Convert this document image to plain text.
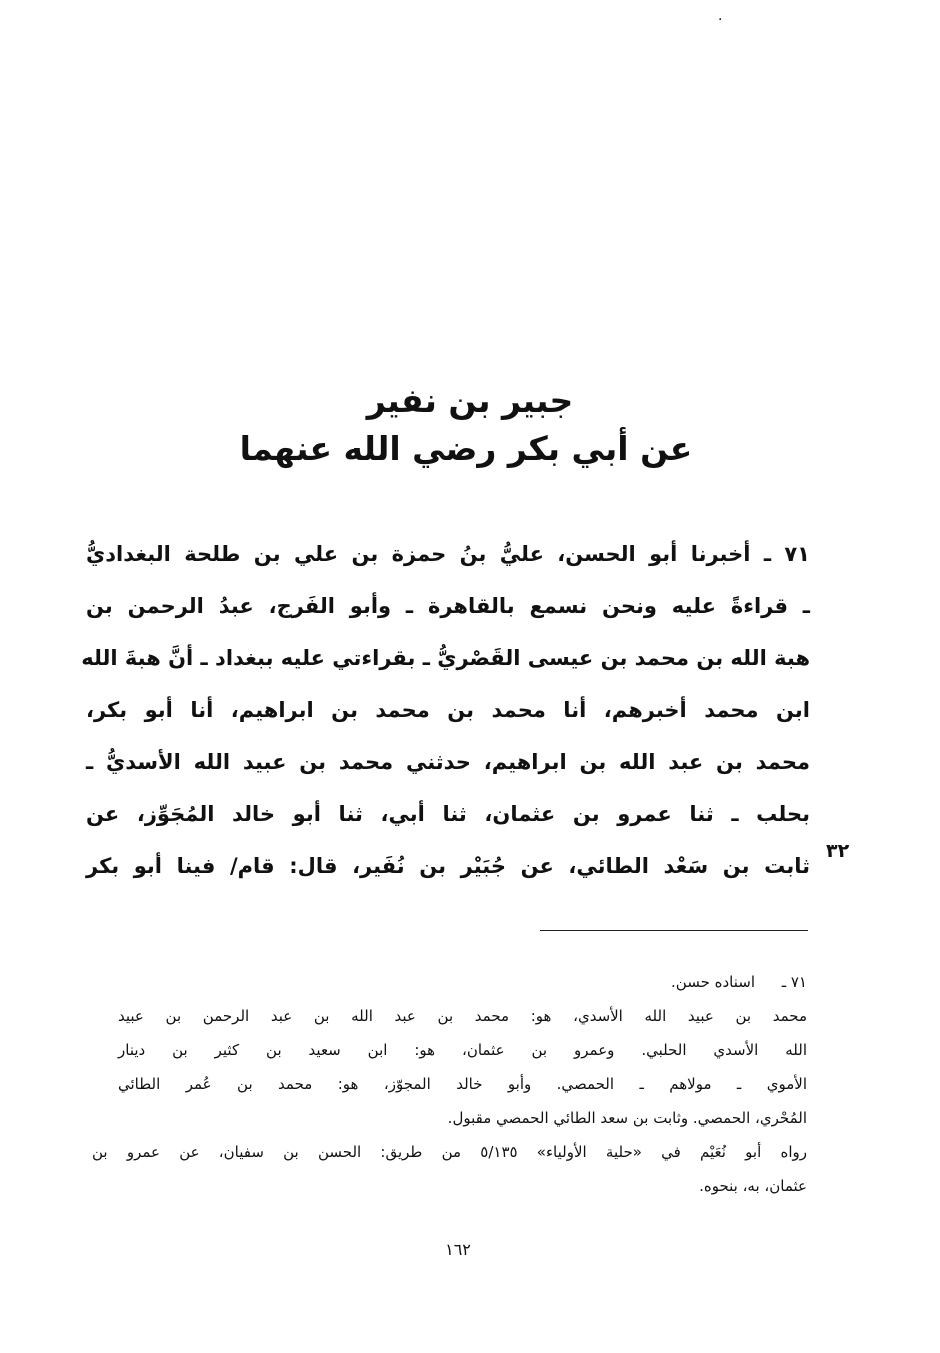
·
جبير بن نفير
عن أبي بكر رضي الله عنهما
٧١ ـ أخبرنا أبو الحسن، عليُّ بنُ حمزة بن علي بن طلحة البغداديُّ
ـ قراءةً عليه ونحن نسمع بالقاهرة ـ وأبو الفَرج، عبدُ الرحمن بن
هبة الله بن محمد بن عيسى القَصْريُّ ـ بقراءتي عليه ببغداد ـ أنَّ هبةَ الله
ابن محمد أخبرهم، أنا محمد بن محمد بن ابراهيم، أنا أبو بكر،
محمد بن عبد الله بن ابراهيم، حدثني محمد بن عبيد الله الأسديُّ ـ
بحلب ـ ثنا عمرو بن عثمان، ثنا أبي، ثنا أبو خالد المُجَوِّز، عن
ثابت بن سَعْد الطائي، عن جُبَيْر بن نُفَير، قال: قام/ فينا أبو بكر
٣٢
٧١ ـاسناده حسن.
محمد بن عبيد الله الأسدي، هو: محمد بن عبد الله بن عبد الرحمن بن عبيد
الله الأسدي الحلبي. وعمرو بن عثمان، هو: ابن سعيد بن كثير بن دينار
الأموي ـ مولاهم ـ الحمصي. وأبو خالد المجوّز، هو: محمد بن عُمر الطائي
المُحْري، الحمصي. وثابت بن سعد الطائي الحمصي مقبول.
رواه أبو نُعَيْم في «حلية الأولياء» ٥/١٣٥ من طريق: الحسن بن سفيان، عن عمرو بن
عثمان، به، بنحوه.
١٦٢
